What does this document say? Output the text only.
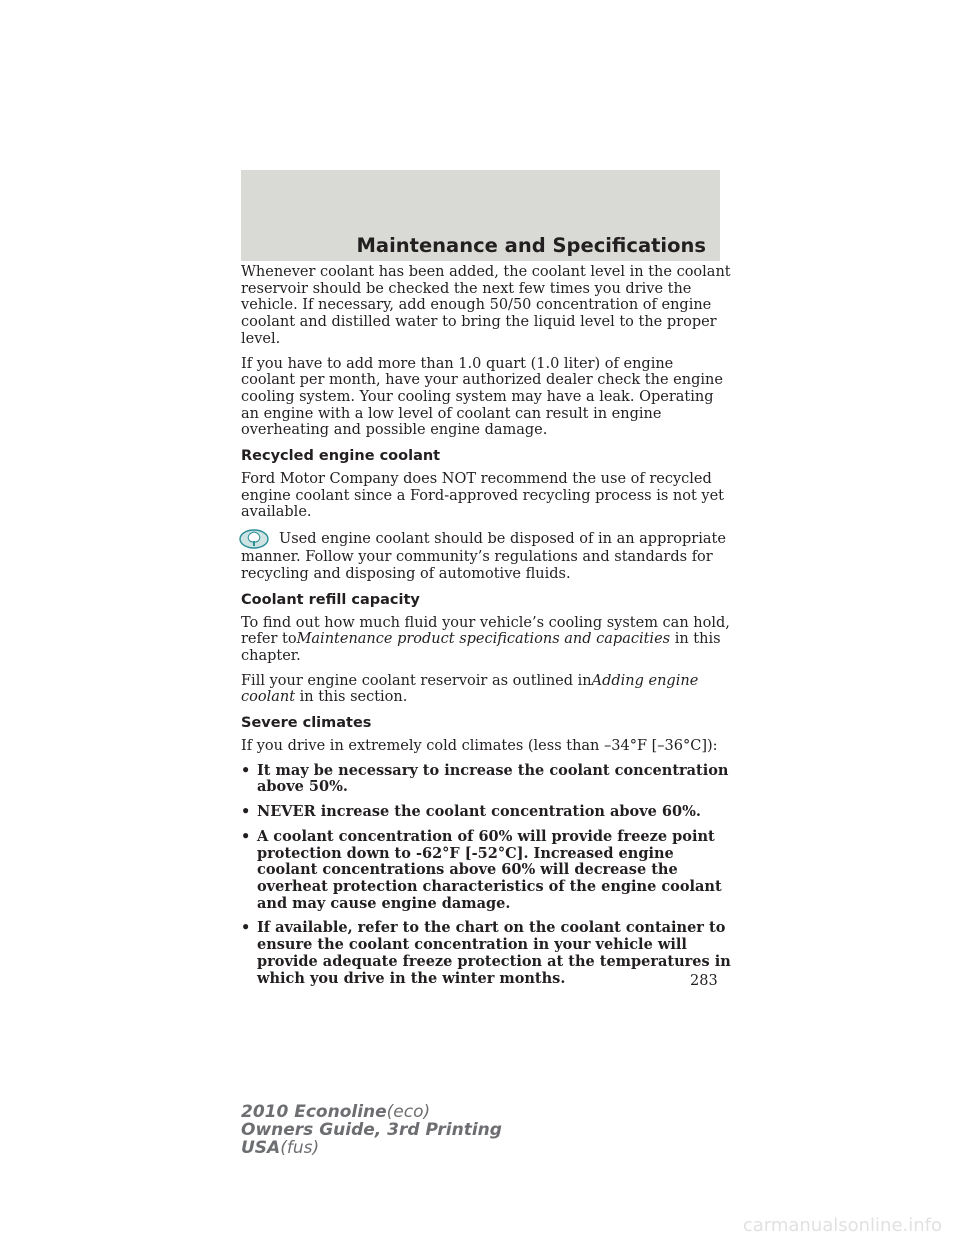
Maintenance and Specifications

Whenever coolant has been added, the coolant level in the coolant reservoir should be checked the next few times you drive the vehicle. If necessary, add enough 50/50 concentration of engine coolant and distilled water to bring the liquid level to the proper level.

If you have to add more than 1.0 quart (1.0 liter) of engine coolant per month, have your authorized dealer check the engine cooling system. Your cooling system may have a leak. Operating an engine with a low level of coolant can result in engine overheating and possible engine damage.

Recycled engine coolant

Ford Motor Company does NOT recommend the use of recycled engine coolant since a Ford-approved recycling process is not yet available.

Used engine coolant should be disposed of in an appropriate manner. Follow your community’s regulations and standards for recycling and disposing of automotive fluids.

Coolant refill capacity

To find out how much fluid your vehicle’s cooling system can hold, refer toMaintenance product specifications and capacities in this chapter.

Fill your engine coolant reservoir as outlined inAdding engine coolant in this section.

Severe climates

If you drive in extremely cold climates (less than –34°F [–36°C]):

• It may be necessary to increase the coolant concentration above 50%.
• NEVER increase the coolant concentration above 60%.
• A coolant concentration of 60% will provide freeze point protection down to -62°F [-52°C]. Increased engine coolant concentrations above 60% will decrease the overheat protection characteristics of the engine coolant and may cause engine damage.
• If available, refer to the chart on the coolant container to ensure the coolant concentration in your vehicle will provide adequate freeze protection at the temperatures in which you drive in the winter months.	283
2010 Econoline(eco)
Owners Guide, 3rd Printing
USA(fus)
carmanualsonline.info
